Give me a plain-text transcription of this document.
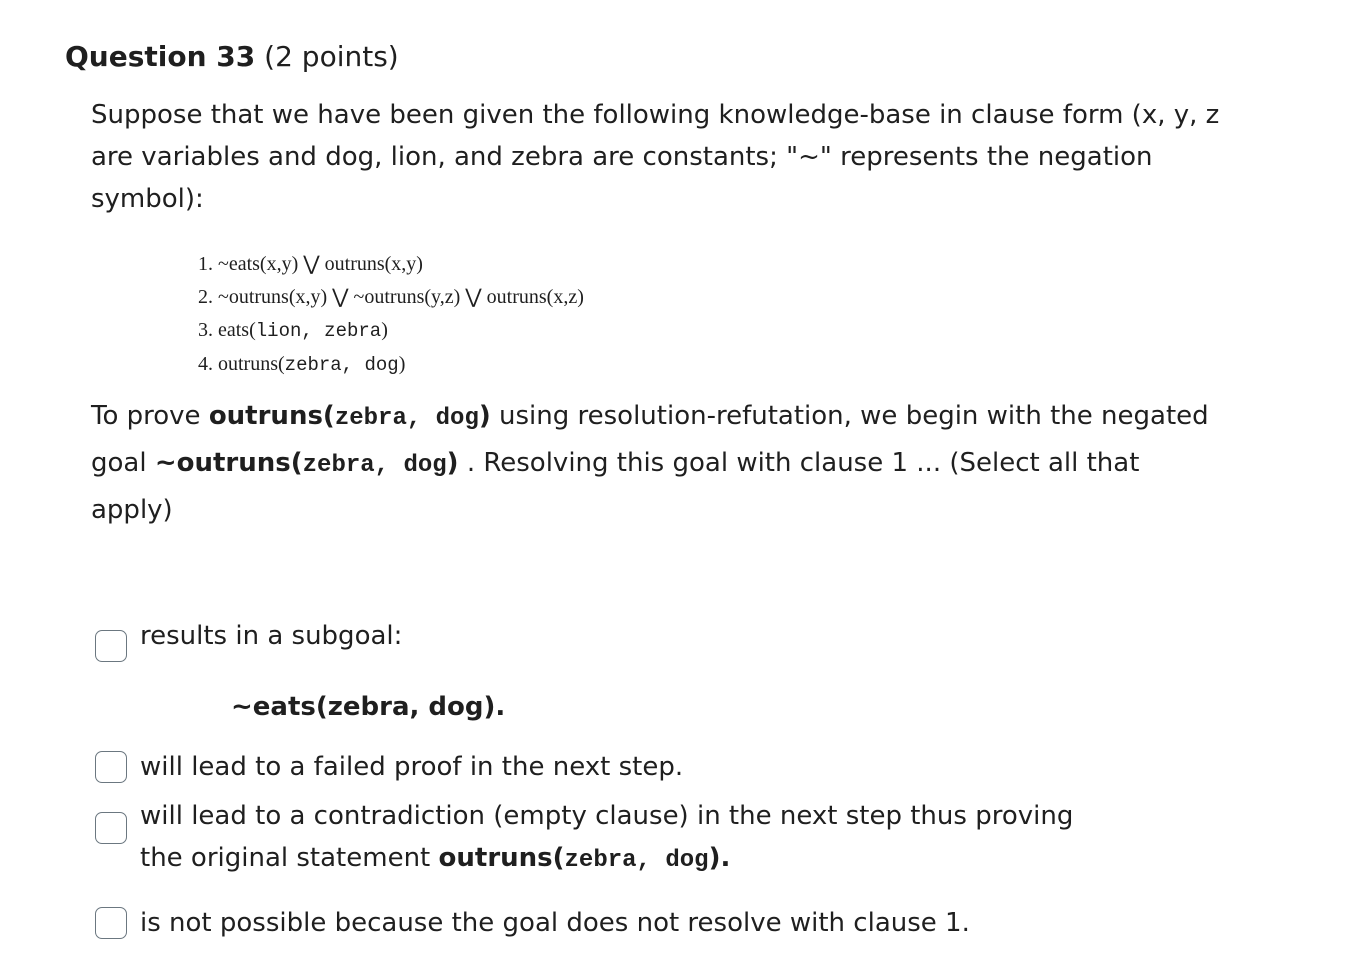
Question 33 (2 points)
Suppose that we have been given the following knowledge-base in clause form (x, y, z are variables and dog, lion, and zebra are constants; "~" represents the negation symbol):
1. ~eats(x,y) ⋁ outruns(x,y)
2. ~outruns(x,y) ⋁ ~outruns(y,z) ⋁ outruns(x,z)
3. eats(lion, zebra)
4. outruns(zebra, dog)
To prove outruns(zebra, dog) using resolution-refutation, we begin with the negated goal ~outruns(zebra, dog) . Resolving this goal with clause 1 ... (Select all that apply)
results in a subgoal:
~eats(zebra, dog).
will lead to a failed proof in the next step.
will lead to a contradiction (empty clause) in the next step thus proving the original statement outruns(zebra, dog).
is not possible because the goal does not resolve with clause 1.
